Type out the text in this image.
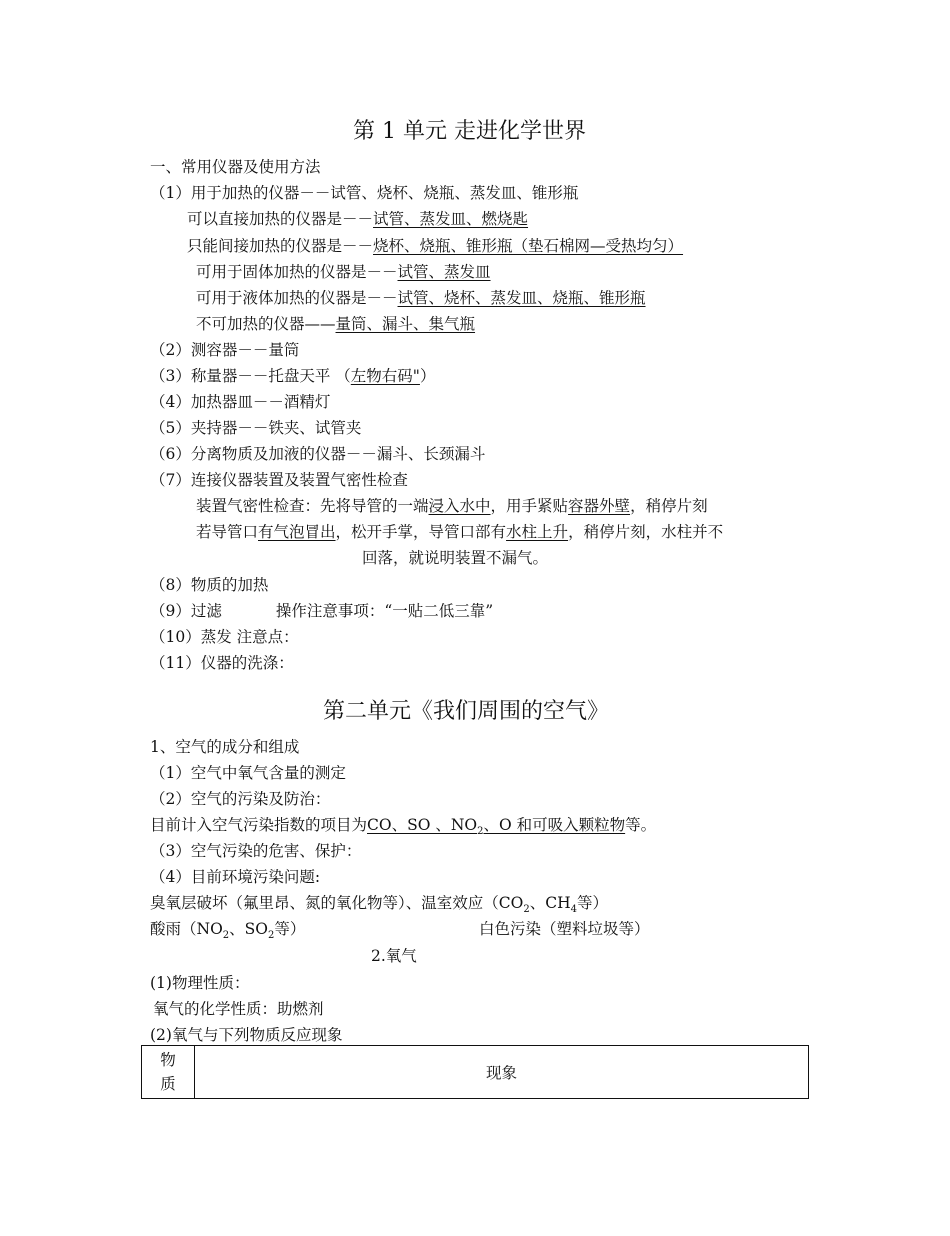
第 1 单元 走进化学世界
一、常用仪器及使用方法
（1）用于加热的仪器－－试管、烧杯、烧瓶、蒸发皿、锥形瓶
可以直接加热的仪器是－－试管、蒸发皿、燃烧匙
只能间接加热的仪器是－－烧杯、烧瓶、锥形瓶（垫石棉网—受热均匀）
可用于固体加热的仪器是－－试管、蒸发皿
可用于液体加热的仪器是－－试管、烧杯、蒸发皿、烧瓶、锥形瓶
不可加热的仪器——量筒、漏斗、集气瓶
（2）测容器－－量筒
（3）称量器－－托盘天平 （左物右码"）
（4）加热器皿－－酒精灯
（5）夹持器－－铁夹、试管夹
（6）分离物质及加液的仪器－－漏斗、长颈漏斗
（7）连接仪器装置及装置气密性检查
装置气密性检查：先将导管的一端浸入水中，用手紧贴容器外壁，稍停片刻
若导管口有气泡冒出，松开手掌，导管口部有水柱上升，稍停片刻，水柱并不
回落，就说明装置不漏气。
（8）物质的加热
（9）过滤	操作注意事项：“一贴二低三靠”
（10）蒸发 注意点：
（11）仪器的洗涤：
第二单元《我们周围的空气》
1、空气的成分和组成
（1）空气中氧气含量的测定
（2）空气的污染及防治：
目前计入空气污染指数的项目为CO、SO 、$NO_2$、O 和可吸入颗粒物等。
（3）空气污染的危害、保护：
（4）目前环境污染问题:
臭氧层破坏（氟里昂、氮的氧化物等）、温室效应（$CO_2$、$CH_4$等）
酸雨（$NO_2$、$SO_2$等）	白色污染（塑料垃圾等）
2.氧气
(1)物理性质：
氧气的化学性质：助燃剂
(2)氧气与下列物质反应现象
物
质	现象
